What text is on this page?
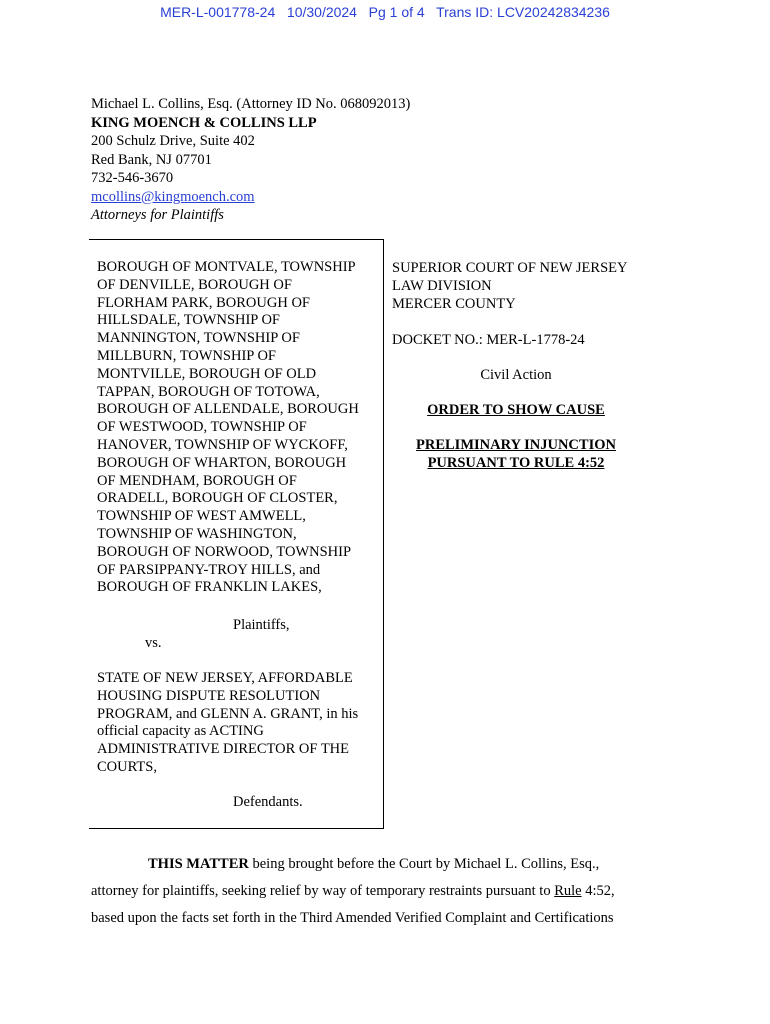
MER-L-001778-24   10/30/2024   Pg 1 of 4   Trans ID: LCV20242834236
Michael L. Collins, Esq. (Attorney ID No. 068092013)
KING MOENCH & COLLINS LLP
200 Schulz Drive, Suite 402
Red Bank, NJ 07701
732-546-3670
mcollins@kingmoench.com
Attorneys for Plaintiffs
BOROUGH OF MONTVALE, TOWNSHIP
OF DENVILLE, BOROUGH OF
FLORHAM PARK, BOROUGH OF
HILLSDALE, TOWNSHIP OF
MANNINGTON, TOWNSHIP OF
MILLBURN, TOWNSHIP OF
MONTVILLE, BOROUGH OF OLD
TAPPAN, BOROUGH OF TOTOWA,
BOROUGH OF ALLENDALE, BOROUGH
OF WESTWOOD, TOWNSHIP OF
HANOVER, TOWNSHIP OF WYCKOFF,
BOROUGH OF WHARTON, BOROUGH
OF MENDHAM, BOROUGH OF
ORADELL, BOROUGH OF CLOSTER,
TOWNSHIP OF WEST AMWELL,
TOWNSHIP OF WASHINGTON,
BOROUGH OF NORWOOD, TOWNSHIP
OF PARSIPPANY-TROY HILLS, and
BOROUGH OF FRANKLIN LAKES,
Plaintiffs,
vs.
STATE OF NEW JERSEY, AFFORDABLE
HOUSING DISPUTE RESOLUTION
PROGRAM, and GLENN A. GRANT, in his
official capacity as ACTING
ADMINISTRATIVE DIRECTOR OF THE
COURTS,
Defendants.
SUPERIOR COURT OF NEW JERSEY
LAW DIVISION
MERCER COUNTY
DOCKET NO.: MER-L-1778-24
Civil Action
ORDER TO SHOW CAUSE
PRELIMINARY INJUNCTION
PURSUANT TO RULE 4:52
THIS MATTER being brought before the Court by Michael L. Collins, Esq.,
attorney for plaintiffs, seeking relief by way of temporary restraints pursuant to Rule 4:52,
based upon the facts set forth in the Third Amended Verified Complaint and Certifications
